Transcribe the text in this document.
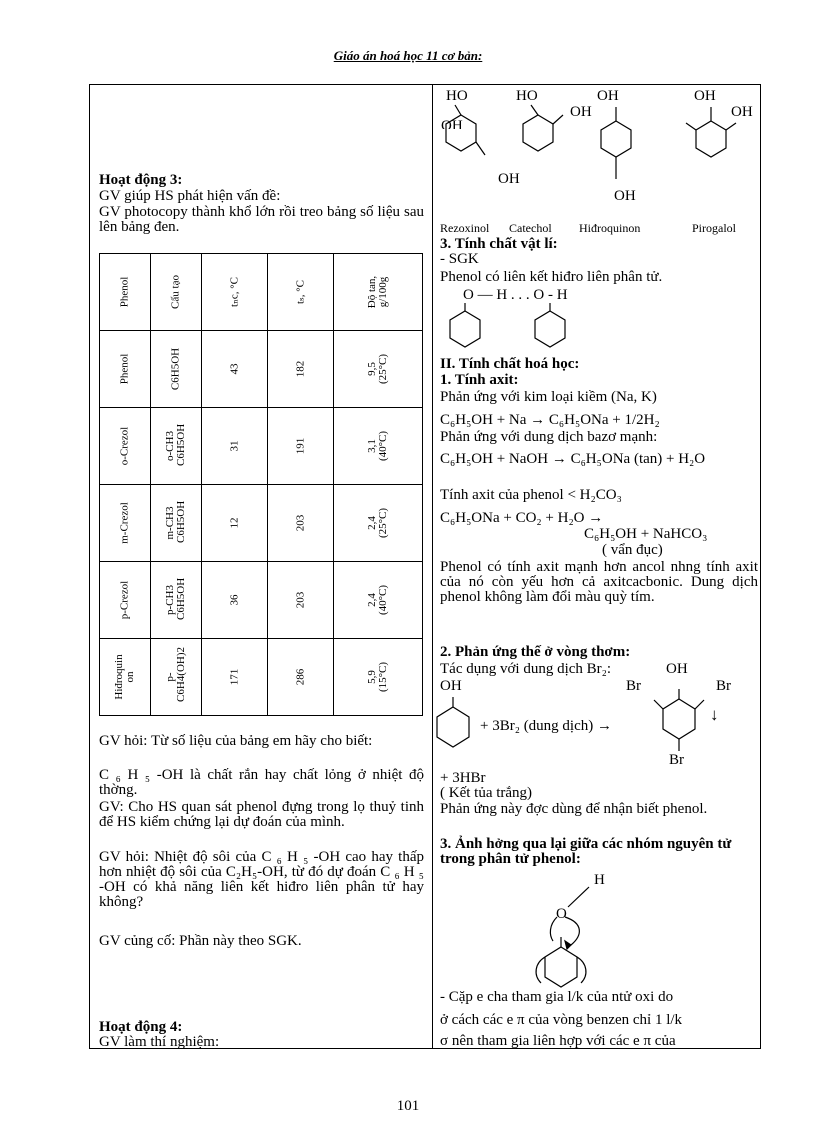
Giáo án hoá học 11 cơ bản:
Hoạt động 3:
GV giúp HS phát hiện vấn đề:
GV photocopy thành khổ lớn rồi treo bảng số liệu sau lên bảng đen.
Phenol	Cấu tạo	tₙc, °C	tₛ, °C	Độ tan, g/100g

Phenol	C6H5OH	43	182	9,5 (25°C)

o-Crezol	o-CH3 C6H5OH	31	191	3,1 (40°C)

m-Crezol	m-CH3 C6H5OH	12	203	2,4 (25°C)

p-Crezol	p-CH3 C6H5OH	36	203	2,4 (40°C)

Hiđroquin on	p- C6H4(OH)2	171	286	5,9 (15°C)
GV hỏi: Từ số liệu của bảng em hãy cho biết:
C ₆ H ₅ -OH là chất rắn hay chất lỏng ở nhiệt độ thờng.
GV: Cho HS quan sát phenol đựng trong lọ thuỷ tinh để HS kiểm chứng lại dự đoán của mình.
GV hỏi: Nhiệt độ sôi của C ₆ H ₅ -OH cao hay thấp hơn nhiệt độ sôi của C₂H₅-OH, từ đó dự đoán C ₆ H ₅ -OH có khả năng liên kết hiđro liên phân tử hay không?
GV củng cố: Phần này theo SGK.
Hoạt động 4:
GV làm thí nghiệm:
HO	HO	OH	OH
OH	OH
OH
OH
OH
Rezoxinol Catechol Hiđroquinon	Pirogalol
3. Tính chất vật lí:
- SGK
Phenol có liên kết hiđro liên phân tử.
O — H . . . O - H
II. Tính chất hoá học:
1. Tính axit:
Phản ứng với kim loại kiềm (Na, K)
C₆H₅OH + Na → C₆H₅ONa + 1/2H₂
Phản ứng với dung dịch bazơ mạnh:
C₆H₅OH + NaOH → C₆H₅ONa (tan) + H₂O
Tính axit của phenol < H₂CO₃
C₆H₅ONa + CO₂ + H₂O →
C₆H₅OH + NaHCO₃
( vẩn đục)
Phenol có tính axit mạnh hơn ancol nhng tính axit của nó còn yếu hơn cả axitcacbonic. Dung dịch phenol không làm đổi màu quỳ tím.
2. Phản ứng thế ở vòng thơm:
Tác dụng với dung dịch Br₂:	OH
OH	Br	Br
Br
↓
+ 3Br₂ (dung dịch) →
+ 3HBr
( Kết tủa trắng)
Phản ứng này đợc dùng để nhận biết phenol.
3. Ảnh hởng qua lại giữa các nhóm nguyên tử trong phân tử phenol:
H
O
- Cặp e cha tham gia l/k của ntử oxi do
ở cách các e π của vòng benzen chỉ 1 l/k
σ nên tham gia liên hợp với các e π của
101
